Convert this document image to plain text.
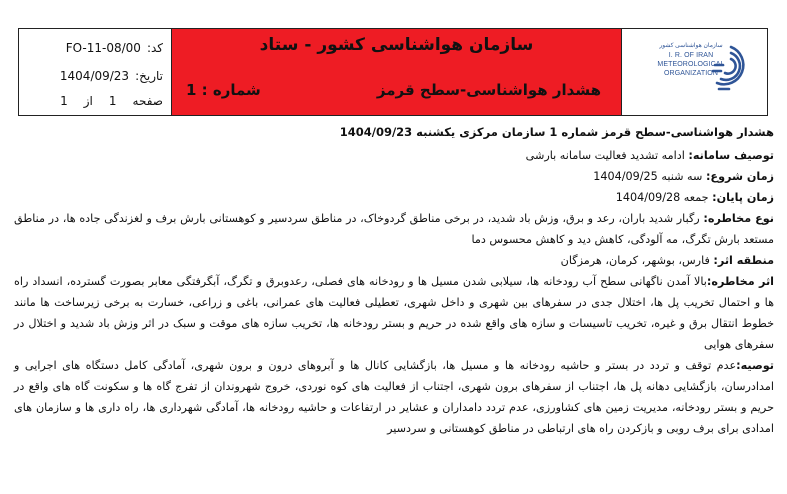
کد:
FO-11-08/00
تاریخ:
1404/09/23
صفحه
1
از
1
سازمان هواشناسی کشور - ستاد
هشدار هواشناسی-سطح قرمز
شماره : 1
سازمان هواشناسی کشور
I. R. OF IRAN
METEOROLOGICAL
ORGANIZATION
هشدار هواشناسی-سطح قرمز شماره 1 سازمان مرکزی یکشنبه 1404/09/23
توصیف سامانه: ادامه تشدید فعالیت سامانه بارشی
زمان شروع: سه شنبه 1404/09/25
زمان پایان: جمعه 1404/09/28
نوع مخاطره: رگبار شدید باران، رعد و برق، وزش باد شدید، در برخی مناطق گردوخاک، در مناطق سردسیر و کوهستانی بارش برف و لغزندگی جاده ها، در مناطق مستعد بارش تگرگ، مه آلودگی، کاهش دید و کاهش محسوس دما
منطقه اثر: فارس، بوشهر، کرمان، هرمزگان
اثر مخاطره:بالا آمدن ناگهانی سطح آب رودخانه ها، سیلابی شدن مسیل ها و رودخانه های فصلی، رعدوبرق و تگرگ، آبگرفتگی معابر بصورت گسترده، انسداد راه ها و احتمال تخریب پل ها، اختلال جدی در سفرهای بین شهری و داخل شهری، تعطیلی فعالیت های عمرانی، باغی و زراعی، خسارت به برخی زیرساخت ها مانند خطوط انتقال برق و غیره، تخریب تاسیسات و سازه های واقع شده در حریم و بستر رودخانه ها، تخریب سازه های موقت و سبک در اثر وزش باد شدید و اختلال در سفرهای هوایی
توصیه:عدم توقف و تردد در بستر و حاشیه رودخانه ها و مسیل ها، بازگشایی کانال ها و آبروهای درون و برون شهری، آمادگی کامل دستگاه های اجرایی و امدادرسان، بازگشایی دهانه پل ها، اجتناب از سفرهای برون شهری، اجتناب از فعالیت های کوه نوردی، خروج شهروندان از تفرج گاه ها و سکونت گاه های واقع در حریم و بستر رودخانه، مدیریت زمین های کشاورزی، عدم تردد دامداران و عشایر در ارتفاعات و حاشیه رودخانه ها، آمادگی شهرداری ها، راه داری ها و سازمان های امدادی برای برف روبی و بازکردن راه های ارتباطی در مناطق کوهستانی و سردسیر
